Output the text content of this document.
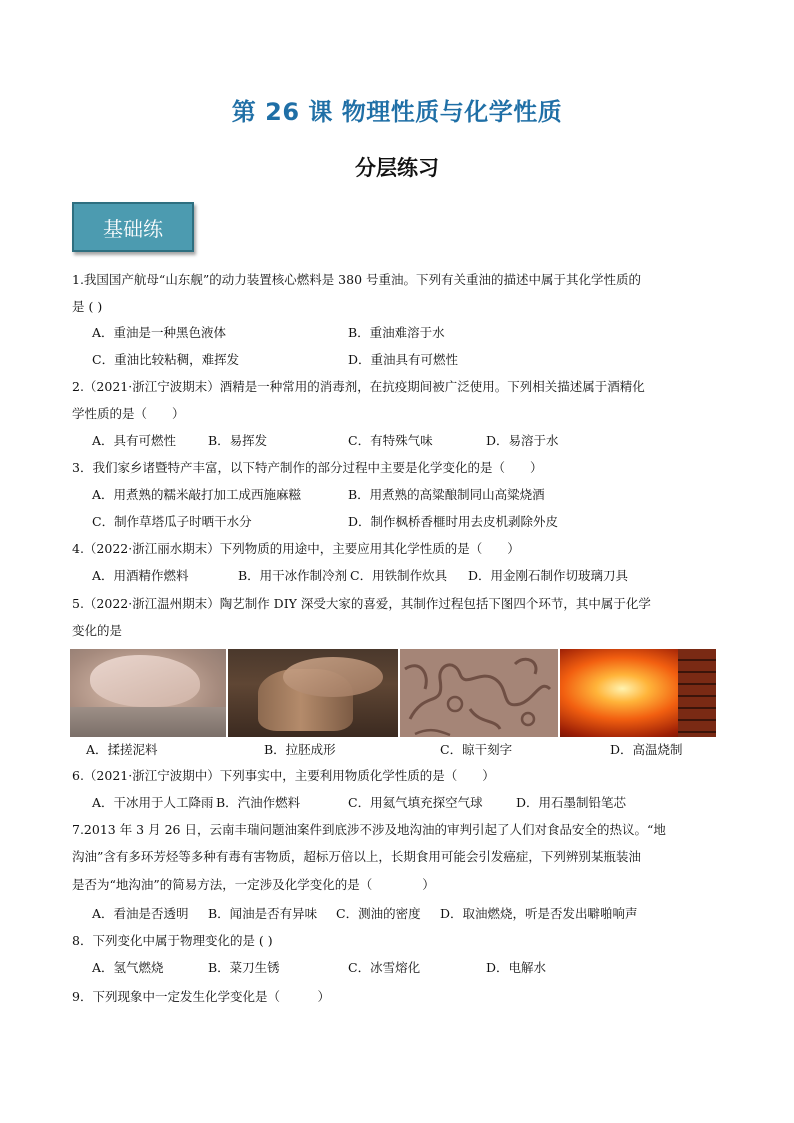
第 26 课 物理性质与化学性质
分层练习
基础练
1.我国国产航母“山东舰”的动力装置核心燃料是 380 号重油。下列有关重油的描述中属于其化学性质的
是 ( )
A．重油是一种黑色液体	B．重油难溶于水
C．重油比较粘稠，难挥发	D．重油具有可燃性
2.（2021·浙江宁波期末）酒精是一种常用的消毒剂，在抗疫期间被广泛使用。下列相关描述属于酒精化
学性质的是（　　）
A．具有可燃性	B．易挥发	C．有特殊气味	D．易溶于水
3．我们家乡诸暨特产丰富，以下特产制作的部分过程中主要是化学变化的是（　　）
A．用煮熟的糯米敲打加工成西施麻糍	B．用煮熟的高粱酿制同山高粱烧酒
C．制作草塔瓜子时晒干水分	D．制作枫桥香榧时用去皮机剥除外皮
4.（2022·浙江丽水期末）下列物质的用途中，主要应用其化学性质的是（　　）
A．用酒精作燃料	B．用干冰作制冷剂 C．用铁制作炊具 D．用金刚石制作切玻璃刀具
5.（2022·浙江温州期末）陶艺制作 DIY 深受大家的喜爱，其制作过程包括下图四个环节，其中属于化学
变化的是
A．揉搓泥料	B．拉胚成形	C．晾干刻字	D．高温烧制
6.（2021·浙江宁波期中）下列事实中，主要利用物质化学性质的是（　　）
A．干冰用于人工降雨 B．汽油作燃料	C．用氦气填充探空气球	D．用石墨制铅笔芯
7.2013 年 3 月 26 日，云南丰瑞问题油案件到底涉不涉及地沟油的审判引起了人们对食品安全的热议。“地
沟油”含有多环芳烃等多种有毒有害物质，超标万倍以上，长期食用可能会引发癌症，下列辨别某瓶装油
是否为“地沟油”的简易方法，一定涉及化学变化的是（　　　　）
A．看油是否透明 B．闻油是否有异味 C．测油的密度 D．取油燃烧，听是否发出噼啪响声
8．下列变化中属于物理变化的是 ( )
A．氢气燃烧	B．菜刀生锈	C．冰雪熔化	D．电解水
9．下列现象中一定发生化学变化是（　　　）
